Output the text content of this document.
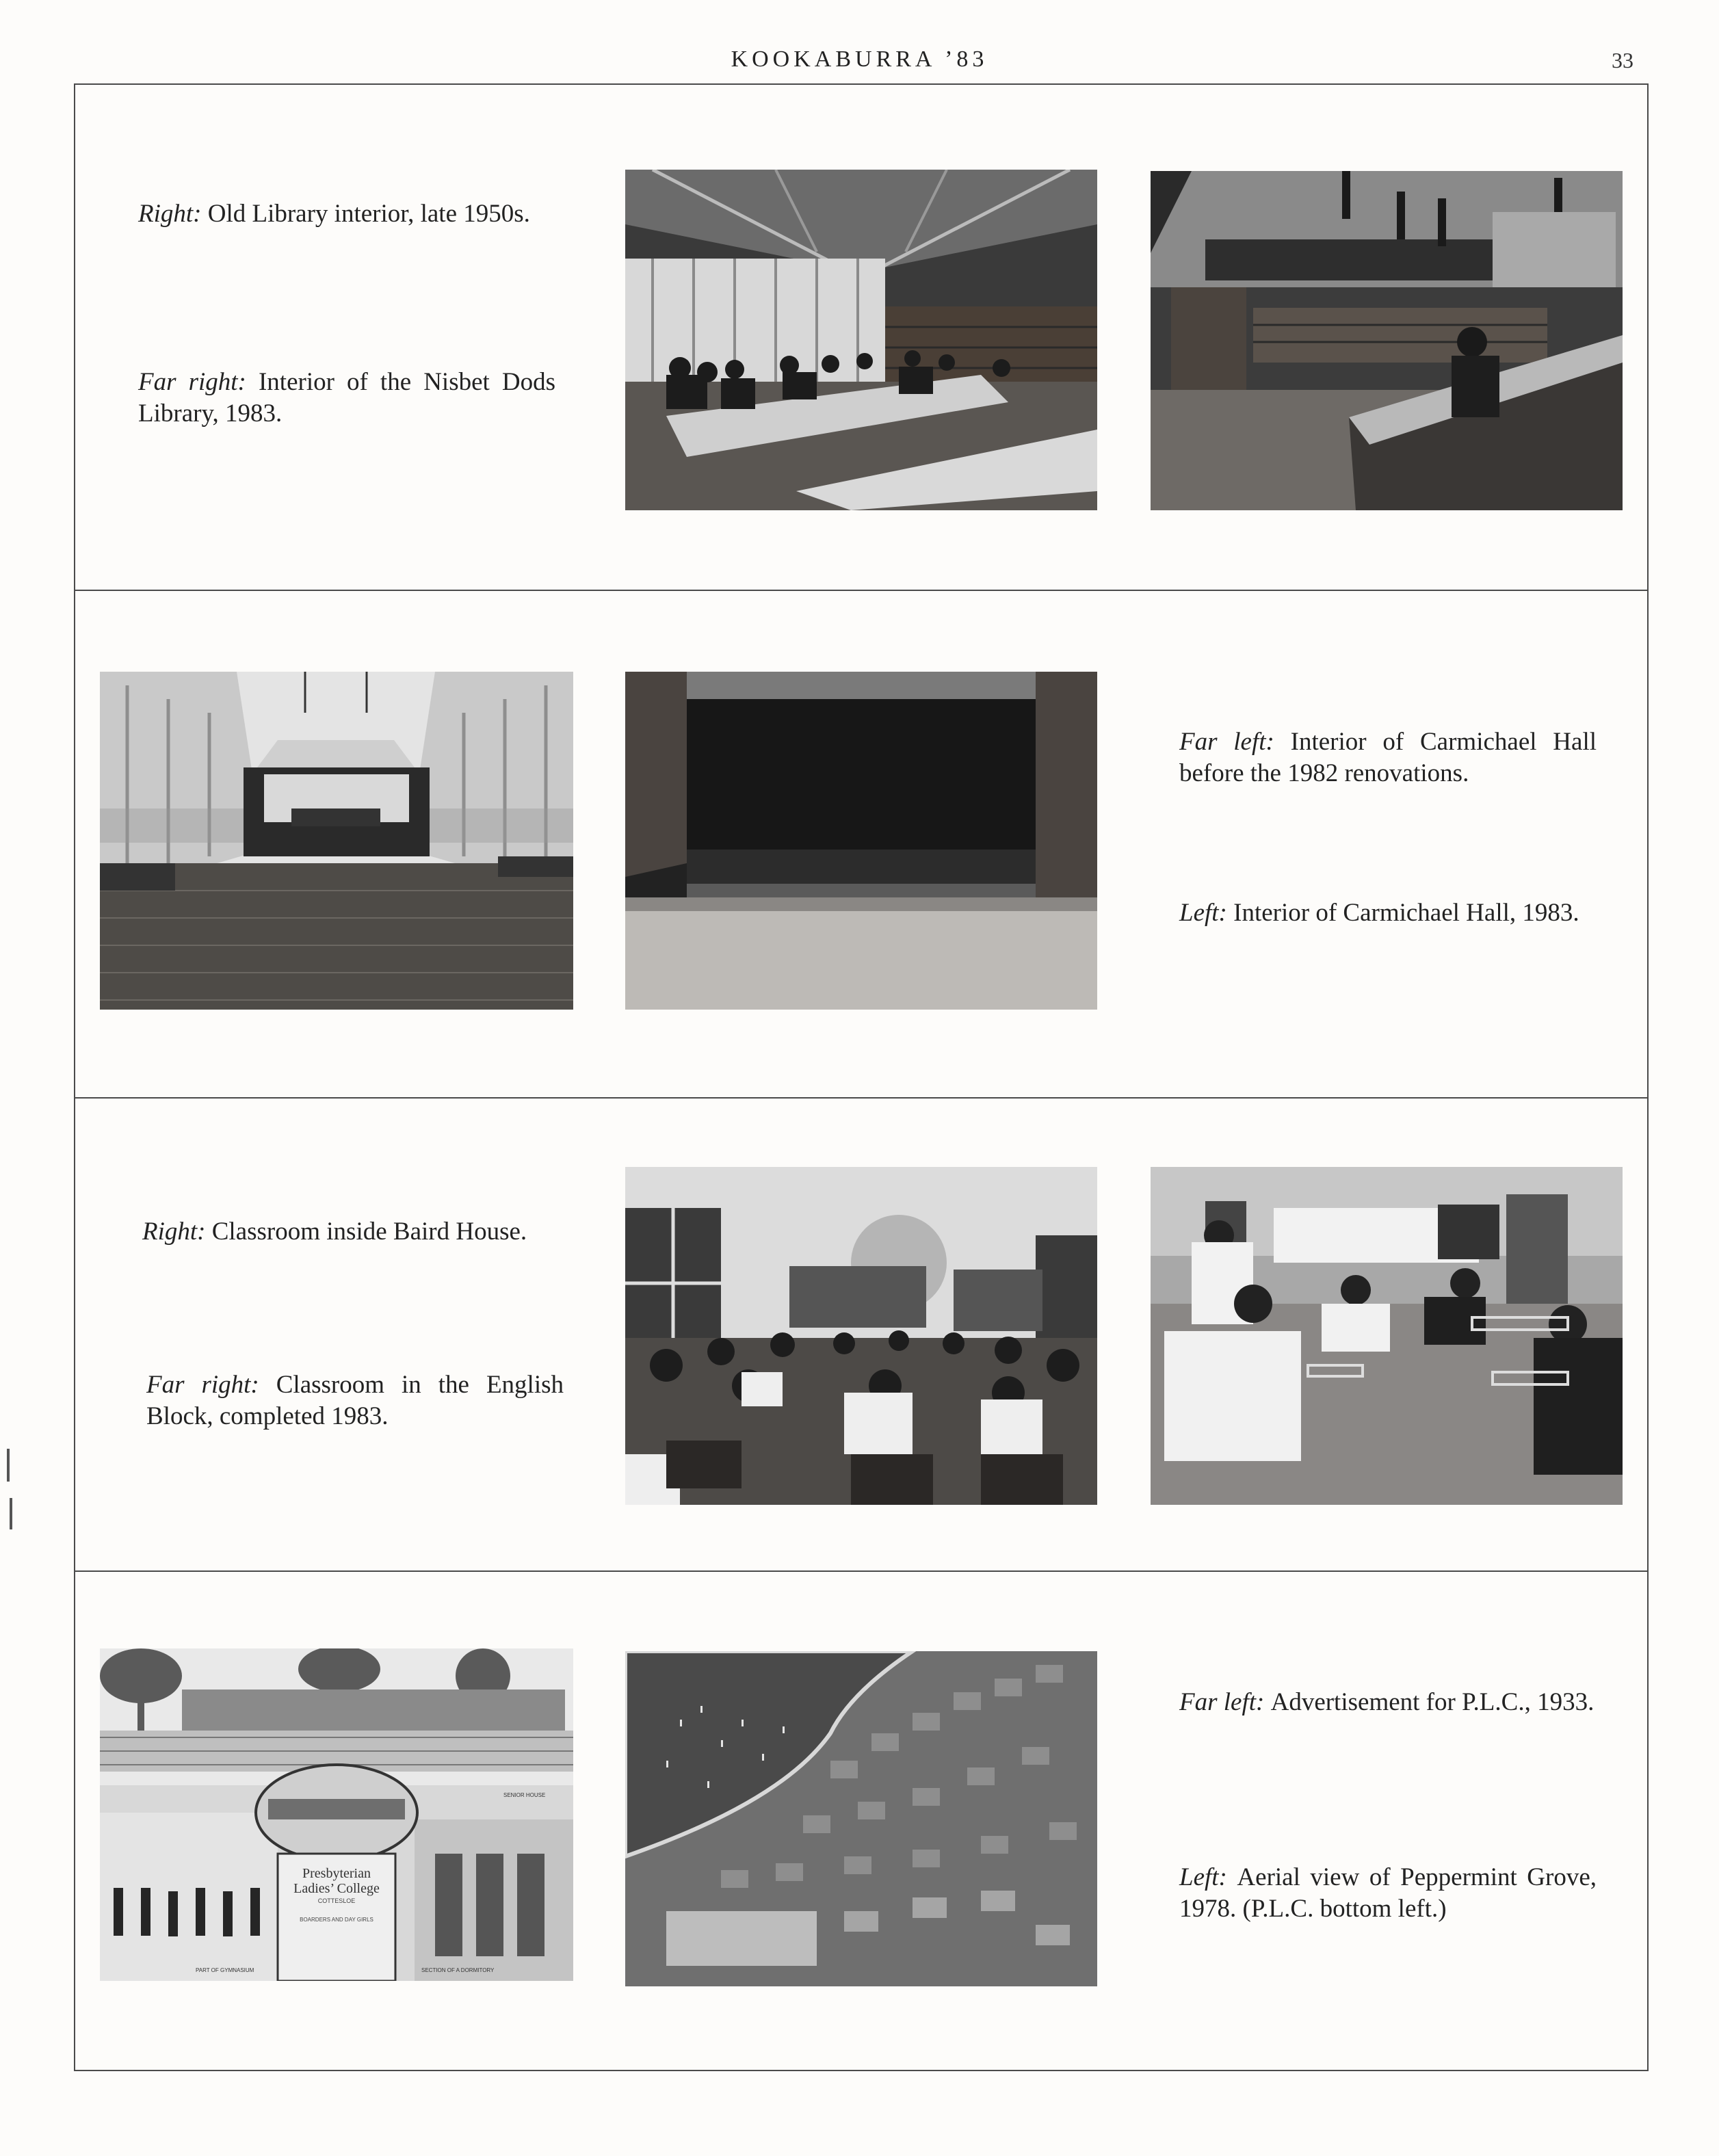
KOOKABURRA ’83	33

Right: Old Library interior, late 1950s.

Far right: Interior of the Nisbet Dods Library, 1983.

Far left: Interior of Carmichael Hall before the 1982 renovations.

Left: Interior of Carmichael Hall, 1983.

Right: Classroom inside Baird House.

Far right: Classroom in the English Block, completed 1983.

SENIOR HOUSE
Presbyterian
Ladies’ College
COTTESLOE
BOARDERS AND DAY GIRLS
PART OF GYMNASIUM	SECTION OF A DORMITORY

Far left: Advertisement for P.L.C., 1933.

Left: Aerial view of Peppermint Grove, 1978. (P.L.C. bottom left.)
